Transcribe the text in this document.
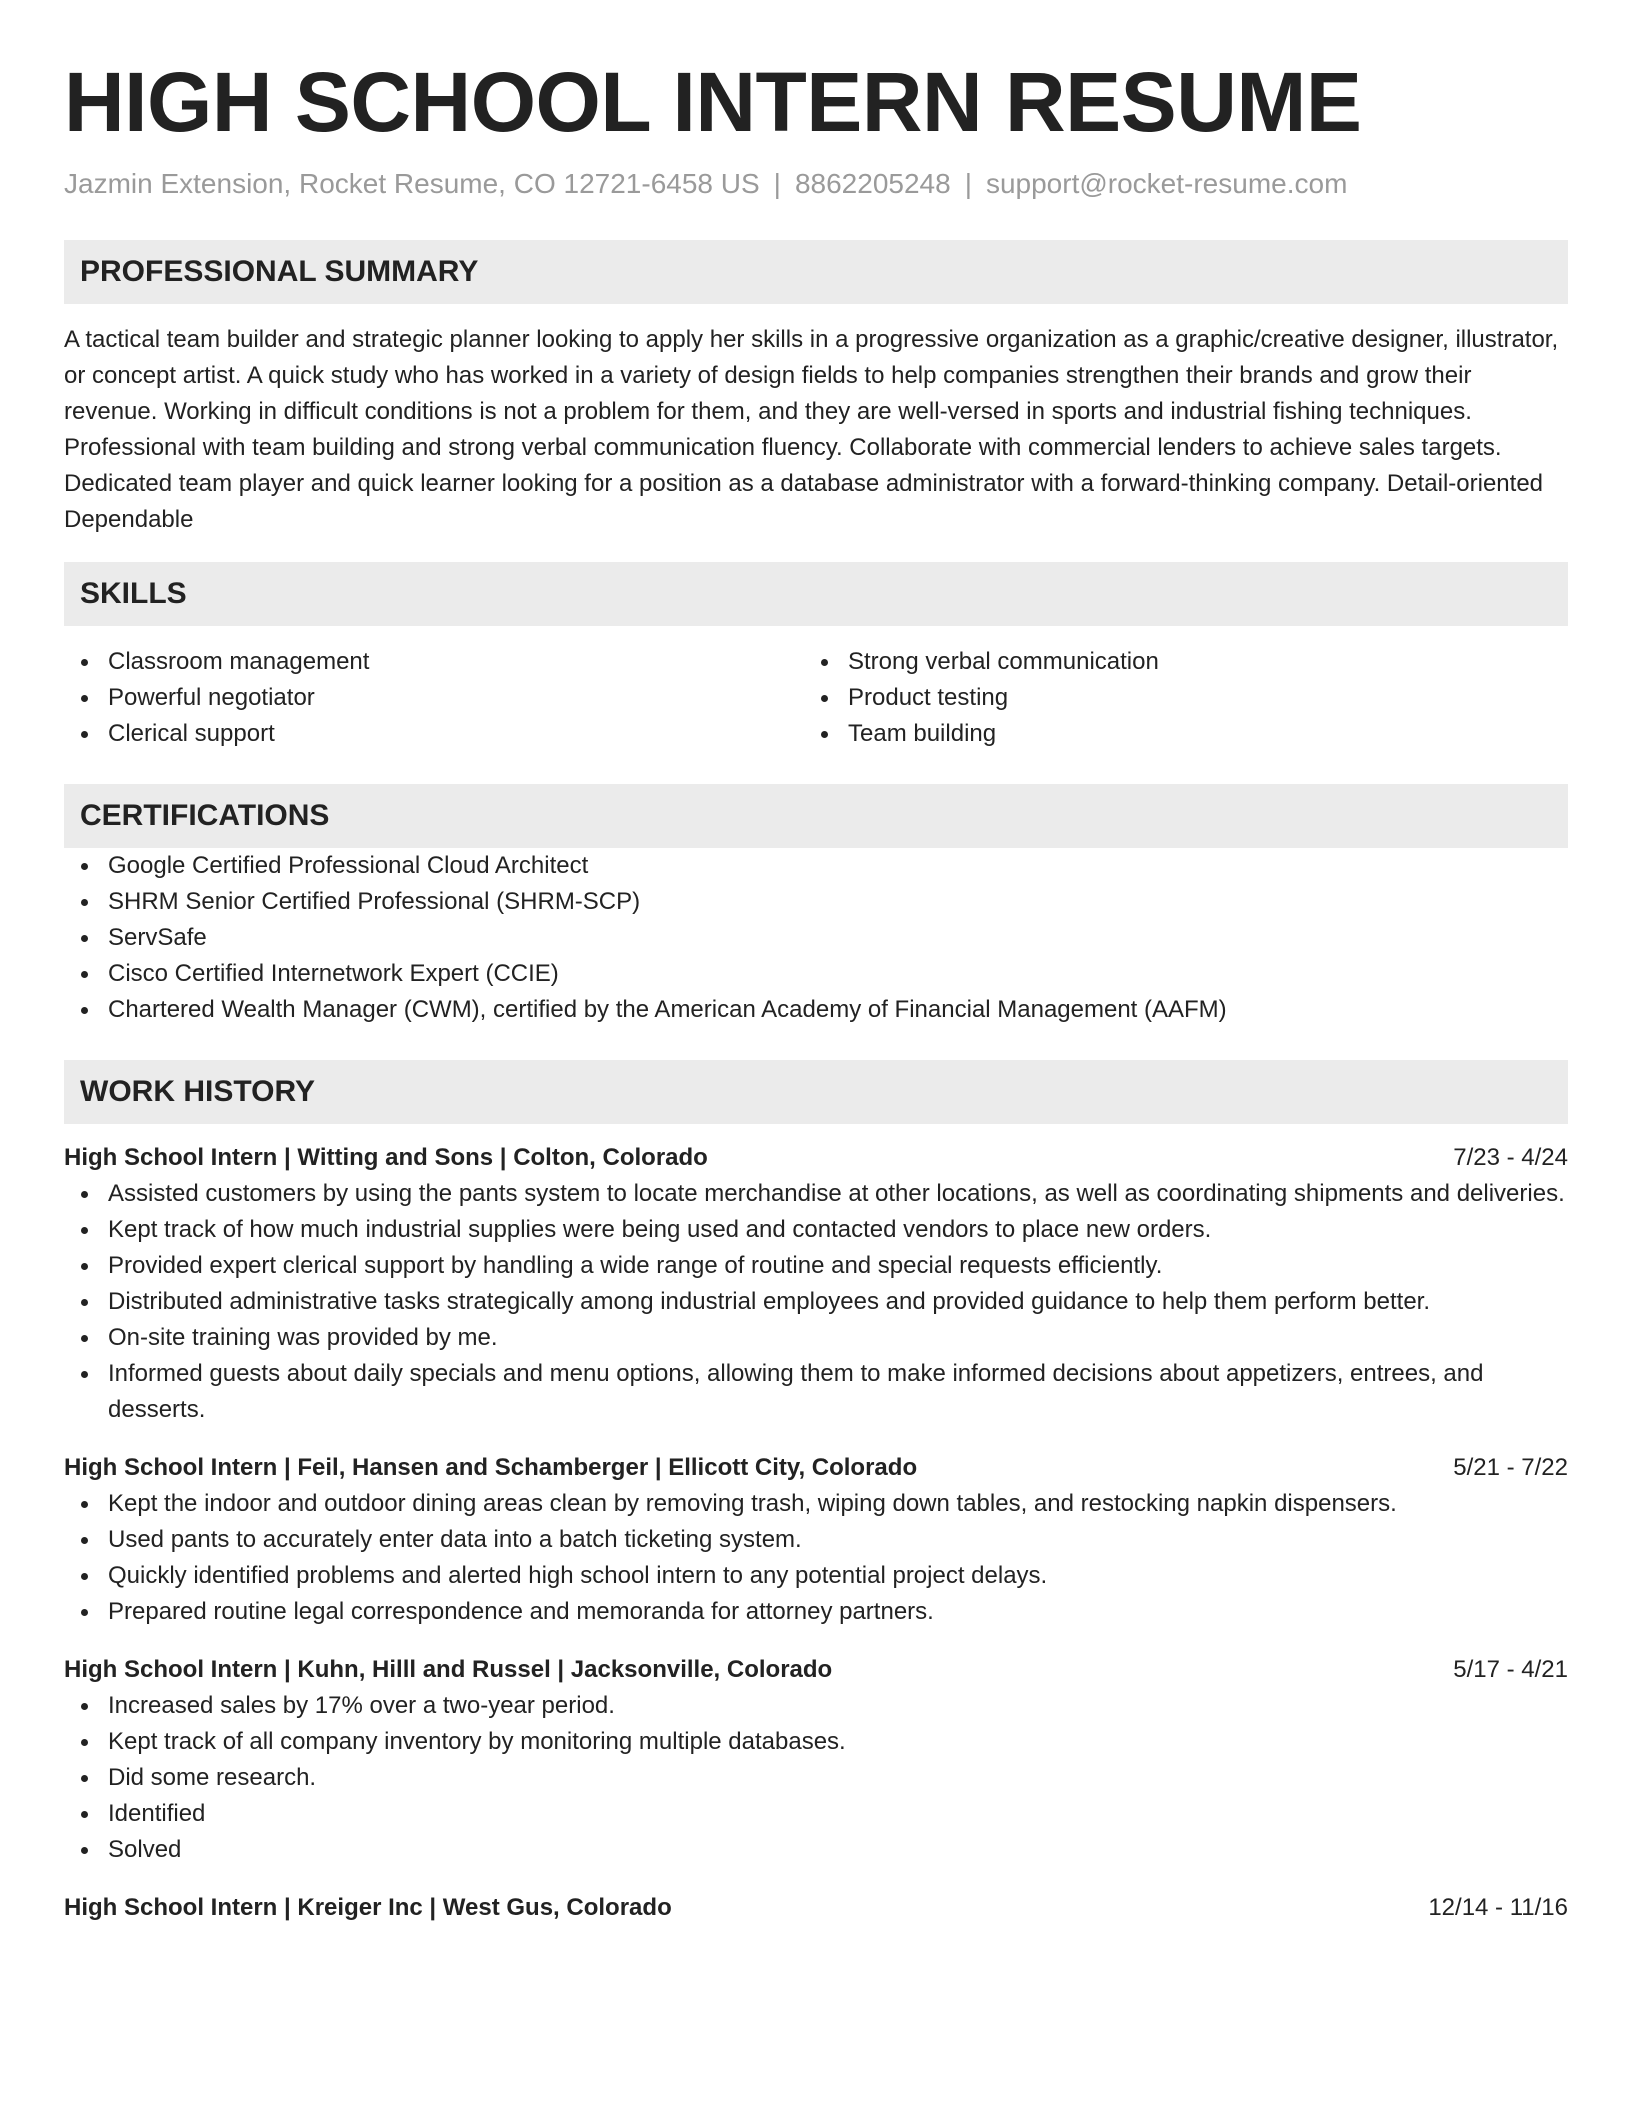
HIGH SCHOOL INTERN RESUME
Jazmin Extension, Rocket Resume, CO 12721-6458 US | 8862205248 | support@rocket-resume.com
PROFESSIONAL SUMMARY
A tactical team builder and strategic planner looking to apply her skills in a progressive organization as a graphic/creative designer, illustrator, or concept artist. A quick study who has worked in a variety of design fields to help companies strengthen their brands and grow their revenue. Working in difficult conditions is not a problem for them, and they are well-versed in sports and industrial fishing techniques. Professional with team building and strong verbal communication fluency. Collaborate with commercial lenders to achieve sales targets. Dedicated team player and quick learner looking for a position as a database administrator with a forward-thinking company. Detail-oriented Dependable
SKILLS
Classroom management
Powerful negotiator
Clerical support
Strong verbal communication
Product testing
Team building
CERTIFICATIONS
Google Certified Professional Cloud Architect
SHRM Senior Certified Professional (SHRM-SCP)
ServSafe
Cisco Certified Internetwork Expert (CCIE)
Chartered Wealth Manager (CWM), certified by the American Academy of Financial Management (AAFM)
WORK HISTORY
High School Intern | Witting and Sons | Colton, Colorado	7/23 - 4/24
Assisted customers by using the pants system to locate merchandise at other locations, as well as coordinating shipments and deliveries.
Kept track of how much industrial supplies were being used and contacted vendors to place new orders.
Provided expert clerical support by handling a wide range of routine and special requests efficiently.
Distributed administrative tasks strategically among industrial employees and provided guidance to help them perform better.
On-site training was provided by me.
Informed guests about daily specials and menu options, allowing them to make informed decisions about appetizers, entrees, and desserts.
High School Intern | Feil, Hansen and Schamberger | Ellicott City, Colorado	5/21 - 7/22
Kept the indoor and outdoor dining areas clean by removing trash, wiping down tables, and restocking napkin dispensers.
Used pants to accurately enter data into a batch ticketing system.
Quickly identified problems and alerted high school intern to any potential project delays.
Prepared routine legal correspondence and memoranda for attorney partners.
High School Intern | Kuhn, Hilll and Russel | Jacksonville, Colorado	5/17 - 4/21
Increased sales by 17% over a two-year period.
Kept track of all company inventory by monitoring multiple databases.
Did some research.
Identified
Solved
High School Intern | Kreiger Inc | West Gus, Colorado	12/14 - 11/16
